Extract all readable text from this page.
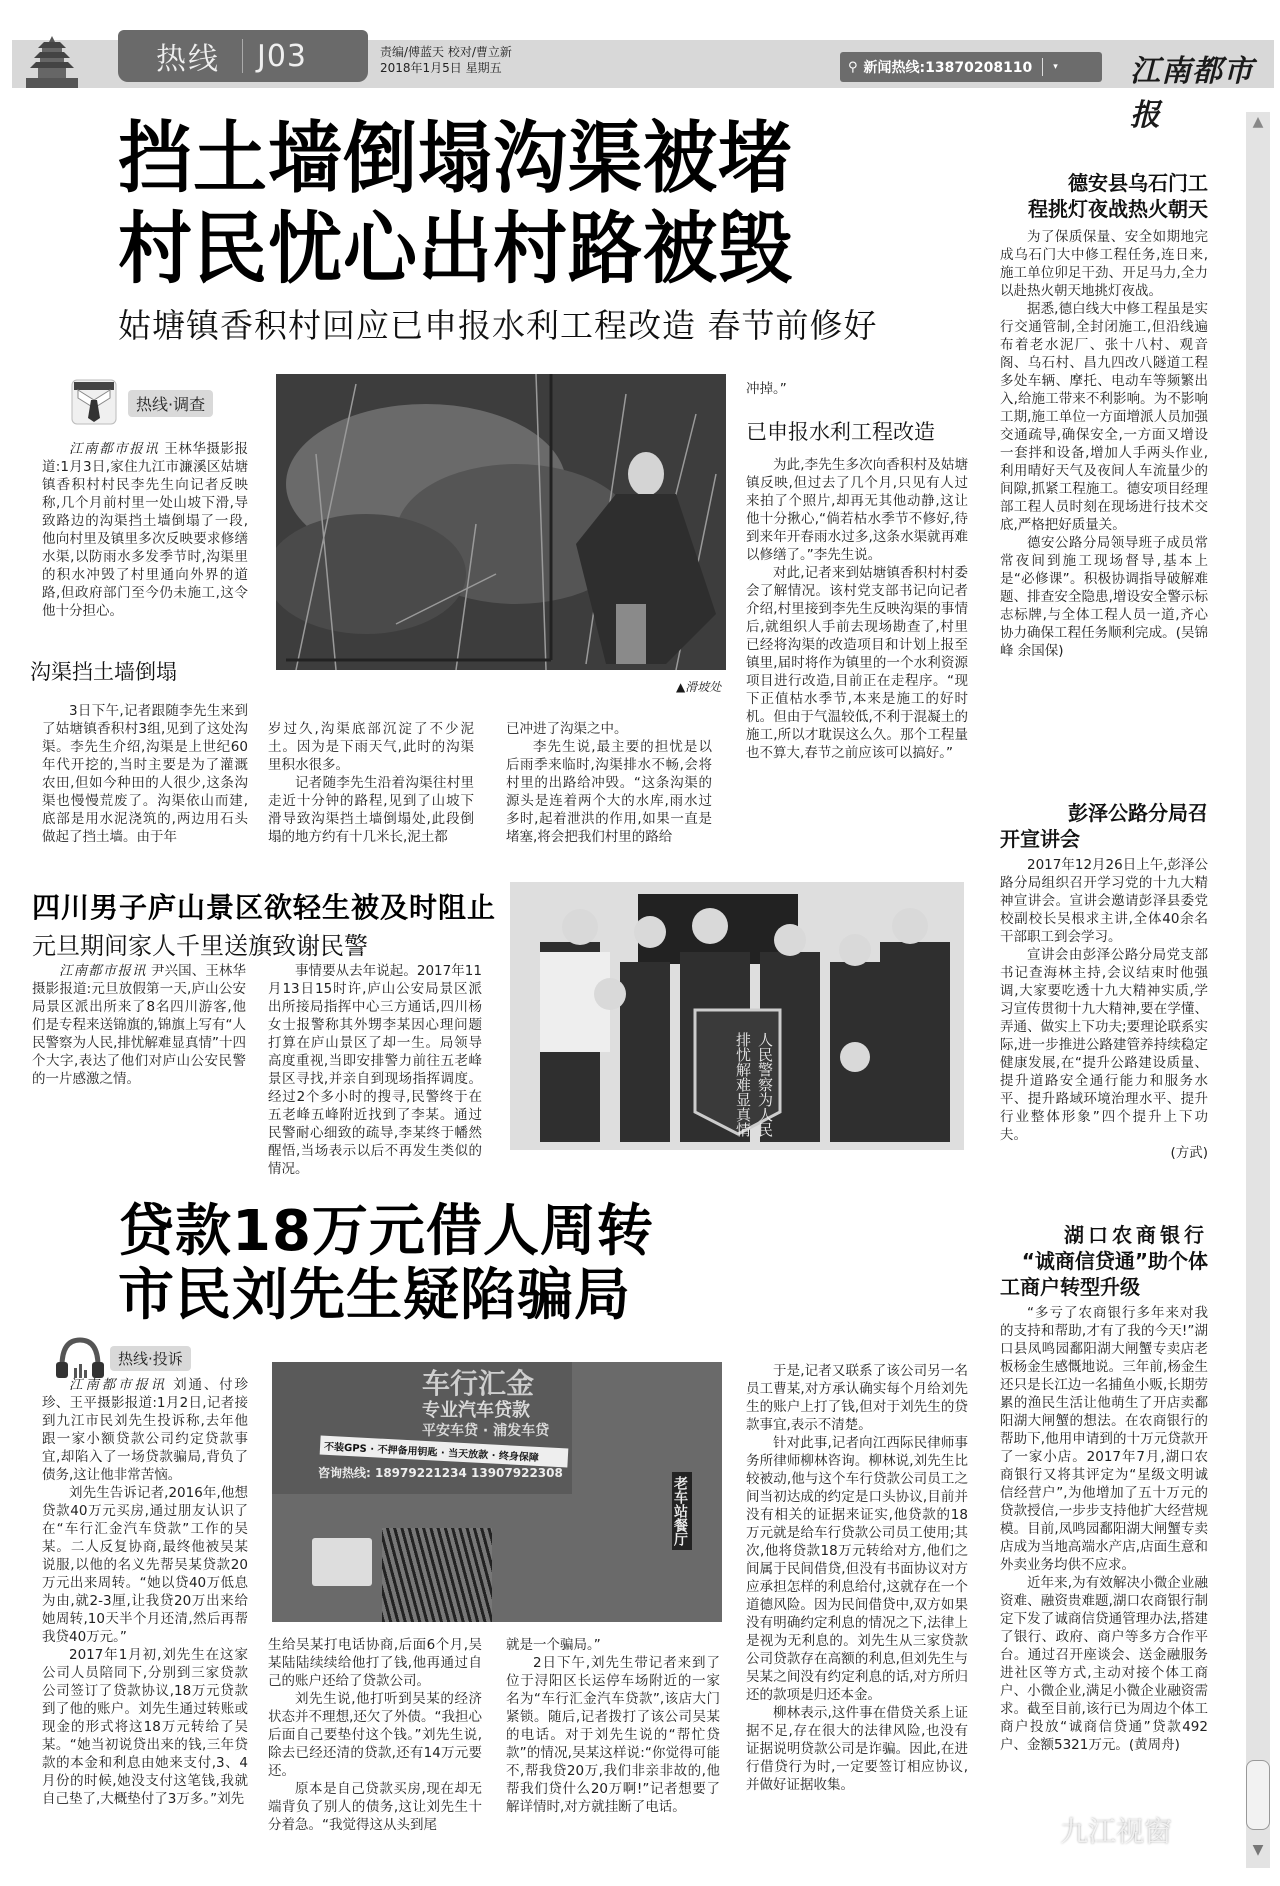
热线 J03	责编/傅蓝天 校对/曹立新
2018年1月5日 星期五	⚲ 新闻热线:13870208110 ▾ 江南都市报
挡土墙倒塌沟渠被堵
村民忧心出村路被毁
姑塘镇香积村回应已申报水利工程改造 春节前修好
热线·调查

江南都市报讯 王林华摄影报道:1月3日,家住九江市濂溪区姑塘镇香积村村民李先生向记者反映称,几个月前村里一处山坡下滑,导致路边的沟渠挡土墙倒塌了一段,他向村里及镇里多次反映要求修缮水渠,以防雨水多发季节时,沟渠里的积水冲毁了村里通向外界的道路,但政府部门至今仍未施工,这令他十分担心。

沟渠挡土墙倒塌

3日下午,记者跟随李先生来到了姑塘镇香积村3组,见到了这处沟渠。李先生介绍,沟渠是上世纪60年代开挖的,当时主要是为了灌溉农田,但如今种田的人很少,这条沟渠也慢慢荒废了。沟渠依山而建,底部是用水泥浇筑的,两边用石头做起了挡土墙。由于年

▲滑坡处

岁过久,沟渠底部沉淀了不少泥土。因为是下雨天气,此时的沟渠里积水很多。

记者随李先生沿着沟渠往村里走近十分钟的路程,见到了山坡下滑导致沟渠挡土墙倒塌处,此段倒塌的地方约有十几米长,泥土都

已冲进了沟渠之中。

李先生说,最主要的担忧是以后雨季来临时,沟渠排水不畅,会将村里的出路给冲毁。“这条沟渠的源头是连着两个大的水库,雨水过多时,起着泄洪的作用,如果一直是堵塞,将会把我们村里的路给

冲掉。”

已申报水利工程改造

为此,李先生多次向香积村及姑塘镇反映,但过去了几个月,只见有人过来拍了个照片,却再无其他动静,这让他十分揪心,“倘若枯水季节不修好,待到来年开春雨水过多,这条水渠就再难以修缮了。”李先生说。

对此,记者来到姑塘镇香积村村委会了解情况。该村党支部书记向记者介绍,村里接到李先生反映沟渠的事情后,就组织人手前去现场勘查了,村里已经将沟渠的改造项目和计划上报至镇里,届时将作为镇里的一个水利资源项目进行改造,目前正在走程序。“现下正值枯水季节,本来是施工的好时机。但由于气温较低,不利于混凝土的施工,所以才耽误这么久。那个工程量也不算大,春节之前应该可以搞好。”

四川男子庐山景区欲轻生被及时阻止
元旦期间家人千里送旗致谢民警

江南都市报讯 尹兴国、王林华摄影报道:元旦放假第一天,庐山公安局景区派出所来了8名四川游客,他们是专程来送锦旗的,锦旗上写有“人民警察为人民,排忧解难显真情”十四个大字,表达了他们对庐山公安民警的一片感激之情。

事情要从去年说起。2017年11月13日15时许,庐山公安局景区派出所接局指挥中心三方通话,四川杨女士报警称其外甥李某因心理问题打算在庐山景区了却一生。局领导高度重视,当即安排警力前往五老峰景区寻找,并亲自到现场指挥调度。经过2个多小时的搜寻,民警终于在五老峰五峰附近找到了李某。通过民警耐心细致的疏导,李某终于幡然醒悟,当场表示以后不再发生类似的情况。

人民警察为人民 排忧解难显真情
贷款18万元借人周转
市民刘先生疑陷骗局
热线·投诉

江南都市报讯 刘通、付珍珍、王平摄影报道:1月2日,记者接到九江市民刘先生投诉称,去年他跟一家小额贷款公司约定贷款事宜,却陷入了一场贷款骗局,背负了债务,这让他非常苦恼。

刘先生告诉记者,2016年,他想贷款40万元买房,通过朋友认识了在“车行汇金汽车贷款”工作的吴某。二人反复协商,最终他被吴某说服,以他的名义先帮吴某贷款20万元出来周转。“她以贷40万低息为由,就2-3厘,让我贷20万出来给她周转,10天半个月还清,然后再帮我贷40万元。”

2017年1月初,刘先生在这家公司人员陪同下,分别到三家贷款公司签订了贷款协议,18万元贷款到了他的账户。刘先生通过转账或现金的形式将这18万元转给了吴某。“她当初说贷出来的钱,三年贷款的本金和利息由她来支付,3、4月份的时候,她没支付这笔钱,我就自己垫了,大概垫付了3万多。”刘先

车行汇金
专业汽车贷款
平安车贷 · 浦发车贷
不装GPS · 不押备用钥匙 · 当天放款 · 终身保障
咨询热线: 18979221234 13907922308
老车站餐厅

生给吴某打电话协商,后面6个月,吴某陆陆续续给他打了钱,他再通过自己的账户还给了贷款公司。

刘先生说,他打听到吴某的经济状态并不理想,还欠了外债。“我担心后面自己要垫付这个钱。”刘先生说,除去已经还清的贷款,还有14万元要还。

原本是自己贷款买房,现在却无端背负了别人的债务,这让刘先生十分着急。“我觉得这从头到尾

就是一个骗局。”

2日下午,刘先生带记者来到了位于浔阳区长运停车场附近的一家名为“车行汇金汽车贷款”,该店大门紧锁。随后,记者拨打了该公司吴某的电话。对于刘先生说的“帮忙贷款”的情况,吴某这样说:“你觉得可能不,帮我贷20万,我们非亲非故的,他帮我们贷什么20万啊!”记者想要了解详情时,对方就挂断了电话。

于是,记者又联系了该公司另一名员工曹某,对方承认确实每个月给刘先生的账户上打了钱,但对于刘先生的贷款事宜,表示不清楚。

针对此事,记者向江西际民律师事务所律师柳林咨询。柳林说,刘先生比较被动,他与这个车行贷款公司员工之间当初达成的约定是口头协议,目前并没有相关的证据来证实,他贷款的18万元就是给车行贷款公司员工使用;其次,他将贷款18万元转给对方,他们之间属于民间借贷,但没有书面协议对方应承担怎样的利息给付,这就存在一个道德风险。因为民间借贷中,双方如果没有明确约定利息的情况之下,法律上是视为无利息的。刘先生从三家贷款公司贷款存在高额的利息,但刘先生与吴某之间没有约定利息的话,对方所归还的款项是归还本金。

柳林表示,这件事在借贷关系上证据不足,存在很大的法律风险,也没有证据说明贷款公司是诈骗。因此,在进行借贷行为时,一定要签订相应协议,并做好证据收集。

德安县乌石门工
程挑灯夜战热火朝天

为了保质保量、安全如期地完成乌石门大中修工程任务,连日来,施工单位卯足干劲、开足马力,全力以赴热火朝天地挑灯夜战。

据悉,德白线大中修工程虽是实行交通管制,全封闭施工,但沿线遍布着老水泥厂、张十八村、观音阁、乌石村、昌九四改八隧道工程多处车辆、摩托、电动车等频繁出入,给施工带来不利影响。为不影响工期,施工单位一方面增派人员加强交通疏导,确保安全,一方面又增设一套拌和设备,增加人手两头作业,利用晴好天气及夜间人车流量少的间隙,抓紧工程施工。德安项目经理部工程人员时刻在现场进行技术交底,严格把好质量关。

德安公路分局领导班子成员常常夜间到施工现场督导,基本上是“必修课”。积极协调指导破解难题、排查安全隐患,增设安全警示标志标牌,与全体工程人员一道,齐心协力确保工程任务顺利完成。(吴锦峰 余国保)

彭泽公路分局召
开宣讲会

2017年12月26日上午,彭泽公路分局组织召开学习党的十九大精神宣讲会。宣讲会邀请彭泽县委党校副校长吴根求主讲,全体40余名干部职工到会学习。

宣讲会由彭泽公路分局党支部书记查海林主持,会议结束时他强调,大家要吃透十九大精神实质,学习宣传贯彻十九大精神,要在学懂、弄通、做实上下功夫;要理论联系实际,进一步推进公路建管养持续稳定健康发展,在“提升公路建设质量、提升道路安全通行能力和服务水平、提升路域环境治理水平、提升行业整体形象”四个提升上下功夫。

(方武)

湖口农商银行
“诚商信贷通”助个体
工商户转型升级

“多亏了农商银行多年来对我的支持和帮助,才有了我的今天!”湖口县凤鸣园鄱阳湖大闸蟹专卖店老板杨金生感慨地说。三年前,杨金生还只是长江边一名捕鱼小贩,长期劳累的渔民生活让他萌生了开店卖鄱阳湖大闸蟹的想法。在农商银行的帮助下,他用申请到的十万元贷款开了一家小店。2017年7月,湖口农商银行又将其评定为“星级文明诚信经营户”,为他增加了五十万元的贷款授信,一步步支持他扩大经营规模。目前,凤鸣园鄱阳湖大闸蟹专卖店成为当地高端水产店,店面生意和外卖业务均供不应求。

近年来,为有效解决小微企业融资难、融资贵难题,湖口农商银行制定下发了诚商信贷通管理办法,搭建了银行、政府、商户等多方合作平台。通过召开座谈会、送金融服务进社区等方式,主动对接个体工商户、小微企业,满足小微企业融资需求。截至目前,该行已为周边个体工商户投放“诚商信贷通”贷款492户、金额5321万元。(黄周舟)

▲
▼
九江视窗
